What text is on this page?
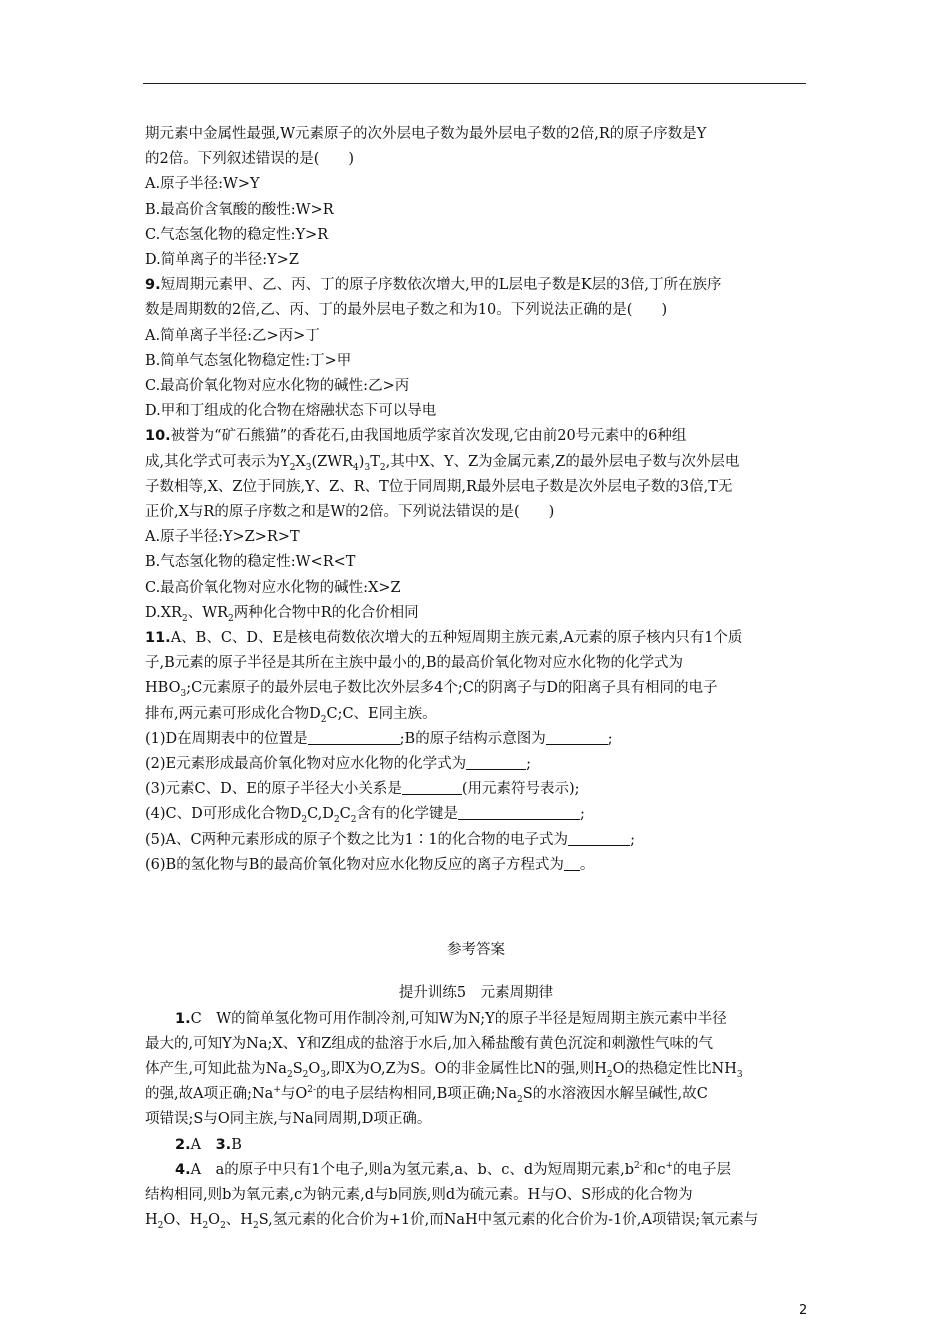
期元素中金属性最强,W元素原子的次外层电子数为最外层电子数的2倍,R的原子序数是Y
的2倍。下列叙述错误的是(　　)
A.原子半径:W>Y
B.最高价含氧酸的酸性:W>R
C.气态氢化物的稳定性:Y>R
D.简单离子的半径:Y>Z
9.短周期元素甲、乙、丙、丁的原子序数依次增大,甲的L层电子数是K层的3倍,丁所在族序
数是周期数的2倍,乙、丙、丁的最外层电子数之和为10。下列说法正确的是(　　)
A.简单离子半径:乙>丙>丁
B.简单气态氢化物稳定性:丁>甲
C.最高价氧化物对应水化物的碱性:乙>丙
D.甲和丁组成的化合物在熔融状态下可以导电
10.被誉为“矿石熊猫”的香花石,由我国地质学家首次发现,它由前20号元素中的6种组
成,其化学式可表示为$Y_2X_3(ZWR_4)_3T_2$,其中X、Y、Z为金属元素,Z的最外层电子数与次外层电
子数相等,X、Z位于同族,Y、Z、R、T位于同周期,R最外层电子数是次外层电子数的3倍,T无
正价,X与R的原子序数之和是W的2倍。下列说法错误的是(　　)
A.原子半径:Y>Z>R>T
B.气态氢化物的稳定性:W<R<T
C.最高价氧化物对应水化物的碱性:X>Z
$D.XR_2$、$WR_2$两种化合物中R的化合价相同
11.A、B、C、D、E是核电荷数依次增大的五种短周期主族元素,A元素的原子核内只有1个质
子,B元素的原子半径是其所在主族中最小的,B的最高价氧化物对应水化物的化学式为
$HBO_3;C$元素原子的最外层电子数比次外层多4个;C的阴离子与D的阳离子具有相同的电子
排布,两元素可形成化合物$D_2C;C$、E同主族。
(1)D在周期表中的位置是	;B的原子结构示意图为	;
(2)E元素形成最高价氧化物对应水化物的化学式为	;
(3)元素C、D、E的原子半径大小关系是	(用元素符号表示);
(4)C、D可形成化合物$D_2C,D_2C_2$含有的化学键是	;
(5)A、C两种元素形成的原子个数之比为1∶1的化合物的电子式为	;
(6)B的氢化物与B的最高价氧化物对应水化物反应的离子方程式为 。
参考答案
提升训练5　元素周期律
1.C　W的简单氢化物可用作制冷剂,可知W为N;Y的原子半径是短周期主族元素中半径
最大的,可知Y为Na;X、Y和Z组成的盐溶于水后,加入稀盐酸有黄色沉淀和刺激性气味的气
体产生,可知此盐为$Na_2S_2O_3$,即X为O,Z为S。O的非金属性比N的强,则$H_2O$的热稳定性比$NH_3$
的强,故A项正确;Na+与$O^{2-}$的电子层结构相同,B项正确$;Na_2S$的水溶液因水解呈碱性,故C
项错误;S与O同主族,与Na同周期,D项正确。
2.A　3.B
4.A　a的原子中只有1个电子,则a为氢元素,a、b、c、d为短周期元素$,b^{2-}$和c+的电子层
结构相同,则b为氧元素,c为钠元素,d与b同族,则d为硫元素。H与O、S形成的化合物为
$H_2O$、$H_2O_2$、$H_2S$,氢元素的化合价为+1价,而NaH中氢元素的化合价为-1价,A项错误;氧元素与
2
